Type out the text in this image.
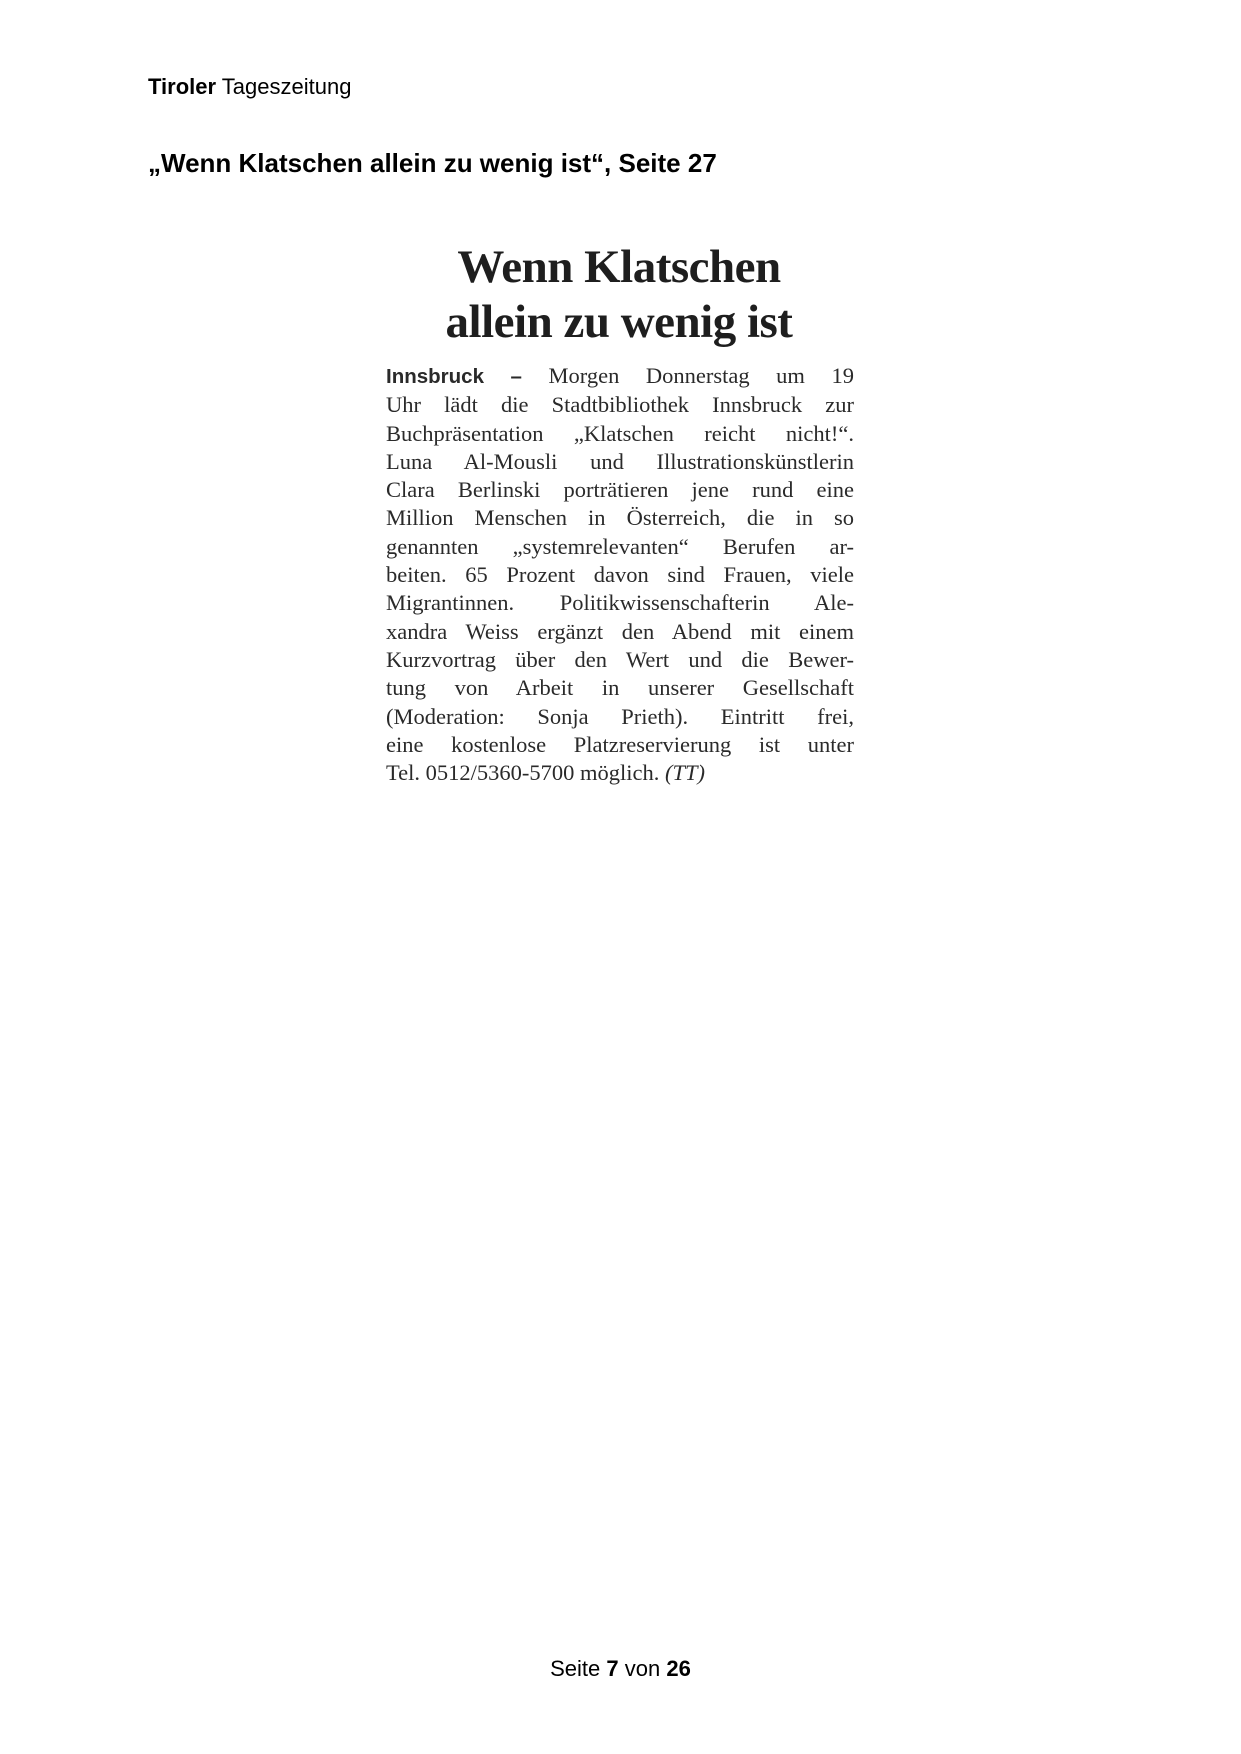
Tiroler Tageszeitung
„Wenn Klatschen allein zu wenig ist“, Seite 27
Wenn Klatschen
allein zu wenig ist
Innsbruck – Morgen Donnerstag um 19
Uhr lädt die Stadtbibliothek Innsbruck zur
Buchpräsentation „Klatschen reicht nicht!“.
Luna Al-Mousli und Illustrationskünstlerin
Clara Berlinski porträtieren jene rund eine
Million Menschen in Österreich, die in so
genannten „systemrelevanten“ Berufen ar-
beiten. 65 Prozent davon sind Frauen, viele
Migrantinnen. Politikwissenschafterin Ale-
xandra Weiss ergänzt den Abend mit einem
Kurzvortrag über den Wert und die Bewer-
tung von Arbeit in unserer Gesellschaft
(Moderation: Sonja Prieth). Eintritt frei,
eine kostenlose Platzreservierung ist unter
Tel. 0512/5360-5700 möglich. (TT)
Seite 7 von 26
